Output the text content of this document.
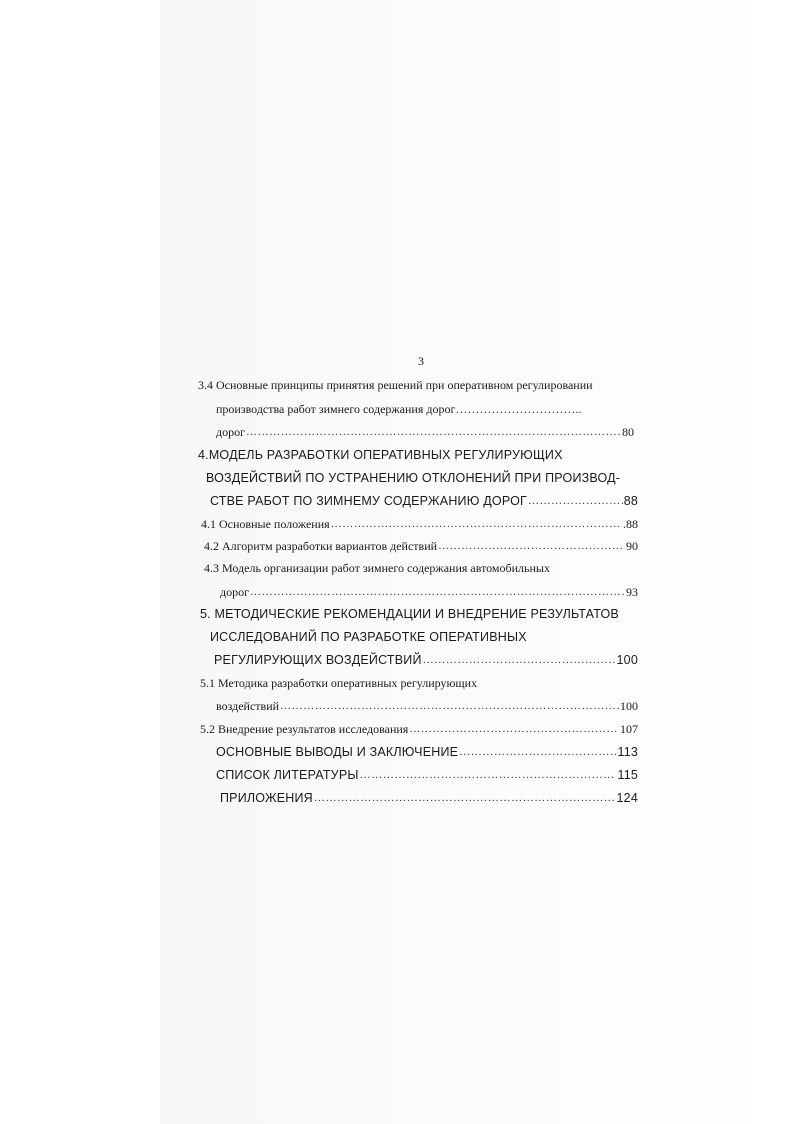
3
3.4 Основные принципы принятия решений при оперативном регулировании
производства работ зимнего содержания дорог…………………………..
дорог ………………………………………………………………………………………………………………………………………………………………………………………………	80
4.МОДЕЛЬ РАЗРАБОТКИ ОПЕРАТИВНЫХ РЕГУЛИРУЮЩИХ
ВОЗДЕЙСТВИЙ ПО УСТРАНЕНИЮ ОТКЛОНЕНИЙ ПРИ ПРОИЗВОД-
СТВЕ РАБОТ ПО ЗИМНЕМУ СОДЕРЖАНИЮ ДОРОГ ………………………………………………………………………………………………………………………………………………………………………………………………	88
4.1 Основные положения ………………………………………………………………………………………………………………………………………………………………………………………………	.88
4.2 Алгоритм разработки вариантов действий ………………………………………………………………………………………………………………………………………………………………………………………………	90
4.3 Модель организации работ зимнего содержания автомобильных
дорог ………………………………………………………………………………………………………………………………………………………………………………………………	93
5. МЕТОДИЧЕСКИЕ РЕКОМЕНДАЦИИ И ВНЕДРЕНИЕ РЕЗУЛЬТАТОВ
ИССЛЕДОВАНИЙ ПО РАЗРАБОТКЕ ОПЕРАТИВНЫХ
РЕГУЛИРУЮЩИХ ВОЗДЕЙСТВИЙ ………………………………………………………………………………………………………………………………………………………………………………………………	100
5.1 Методика разработки оперативных регулирующих
воздействий ………………………………………………………………………………………………………………………………………………………………………………………………	100
5.2 Внедрение результатов исследования ………………………………………………………………………………………………………………………………………………………………………………………………	107
ОСНОВНЫЕ ВЫВОДЫ И ЗАКЛЮЧЕНИЕ ………………………………………………………………………………………………………………………………………………………………………………………………	113
СПИСОК ЛИТЕРАТУРЫ ………………………………………………………………………………………………………………………………………………………………………………………………	115
ПРИЛОЖЕНИЯ ………………………………………………………………………………………………………………………………………………………………………………………………	124
